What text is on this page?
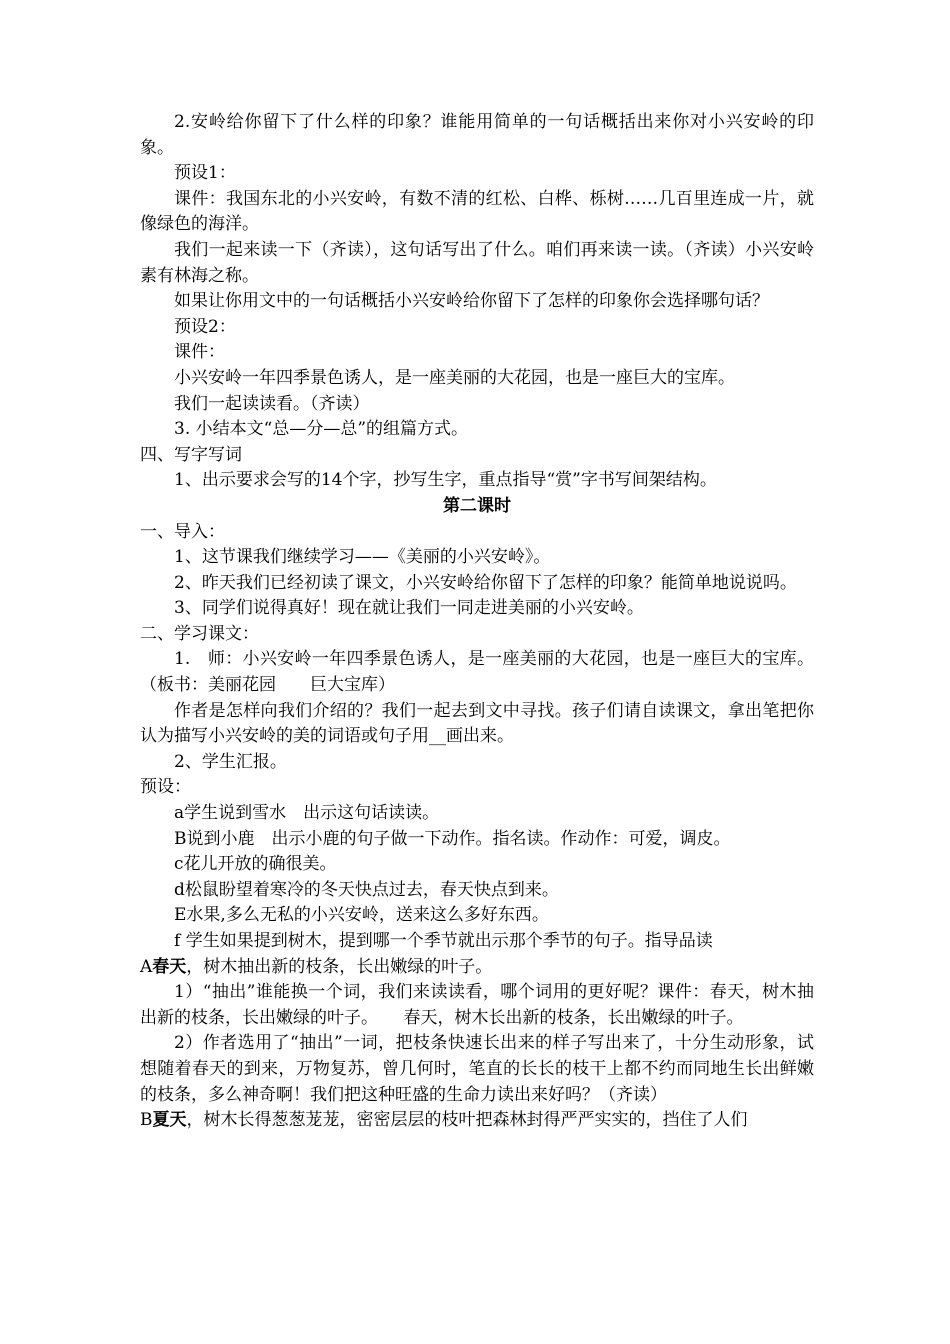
2.安岭给你留下了什么样的印象？谁能用简单的一句话概括出来你对小兴安岭的印象。

预设1：

课件：我国东北的小兴安岭，有数不清的红松、白桦、栎树……几百里连成一片，就像绿色的海洋。

我们一起来读一下（齐读），这句话写出了什么。咱们再来读一读。（齐读）小兴安岭素有林海之称。

如果让你用文中的一句话概括小兴安岭给你留下了怎样的印象你会选择哪句话？

预设2：

课件：

小兴安岭一年四季景色诱人，是一座美丽的大花园，也是一座巨大的宝库。

我们一起读读看。（齐读）

3. 小结本文“总—分—总”的组篇方式。

四、写字写词

1、出示要求会写的14个字，抄写生字，重点指导“赏”字书写间架结构。

第二课时

一、导入：

1、这节课我们继续学习——《美丽的小兴安岭》。

2、昨天我们已经初读了课文，小兴安岭给你留下了怎样的印象？能简单地说说吗。

3、同学们说得真好！现在就让我们一同走进美丽的小兴安岭。

二、学习课文：

1.　师：小兴安岭一年四季景色诱人，是一座美丽的大花园，也是一座巨大的宝库。（板书：美丽花园　　巨大宝库）

作者是怎样向我们介绍的？我们一起去到文中寻找。孩子们请自读课文，拿出笔把你认为描写小兴安岭的美的词语或句子用__画出来。

2、学生汇报。

预设：

a学生说到雪水　出示这句话读读。

B说到小鹿　出示小鹿的句子做一下动作。指名读。作动作：可爱，调皮。

c花儿开放的确很美。

d松鼠盼望着寒冷的冬天快点过去，春天快点到来。

E水果,多么无私的小兴安岭，送来这么多好东西。

f 学生如果提到树木，提到哪一个季节就出示那个季节的句子。指导品读

A春天，树木抽出新的枝条，长出嫩绿的叶子。

1）“抽出”谁能换一个词，我们来读读看，哪个词用的更好呢？课件：春天，树木抽出新的枝条，长出嫩绿的叶子。　　春天，树木长出新的枝条，长出嫩绿的叶子。

2）作者选用了“抽出”一词，把枝条快速长出来的样子写出来了，十分生动形象，试想随着春天的到来，万物复苏，曾几何时，笔直的长长的枝干上都不约而同地生长出鲜嫩的枝条，多么神奇啊！我们把这种旺盛的生命力读出来好吗？（齐读）

B夏天，树木长得葱葱茏茏，密密层层的枝叶把森林封得严严实实的，挡住了人们
